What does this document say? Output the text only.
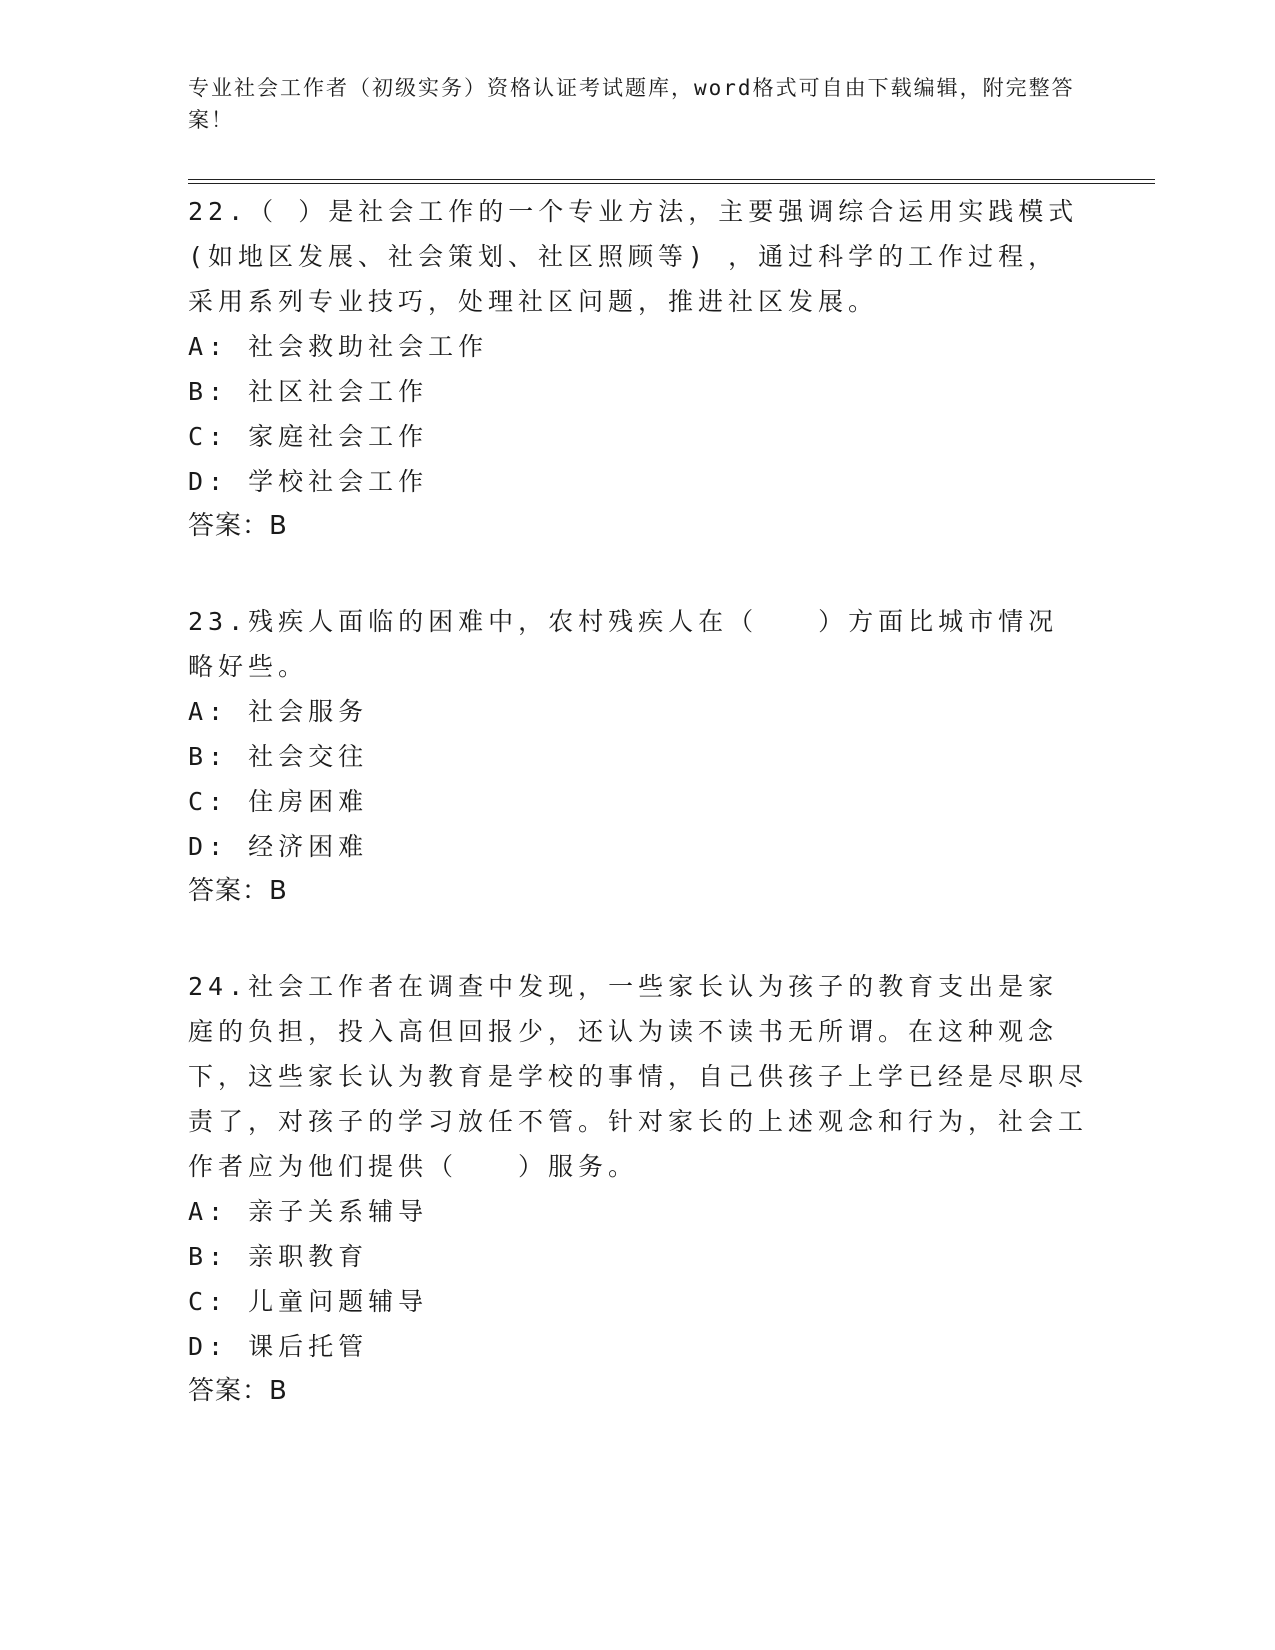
专业社会工作者（初级实务）资格认证考试题库，word格式可自由下载编辑，附完整答案！

22.（ ）是社会工作的一个专业方法，主要强调综合运用实践模式(如地区发展、社会策划、社区照顾等) ，通过科学的工作过程，采用系列专业技巧，处理社区问题，推进社区发展。

A: 社会救助社会工作

B: 社区社会工作

C: 家庭社会工作

D: 学校社会工作

答案：B

23.残疾人面临的困难中，农村残疾人在（　　）方面比城市情况略好些。

A: 社会服务

B: 社会交往

C: 住房困难

D: 经济困难

答案：B

24.社会工作者在调查中发现，一些家长认为孩子的教育支出是家庭的负担，投入高但回报少，还认为读不读书无所谓。在这种观念下，这些家长认为教育是学校的事情，自己供孩子上学已经是尽职尽责了，对孩子的学习放任不管。针对家长的上述观念和行为，社会工作者应为他们提供（　　）服务。

A: 亲子关系辅导

B: 亲职教育

C: 儿童问题辅导

D: 课后托管

答案：B
